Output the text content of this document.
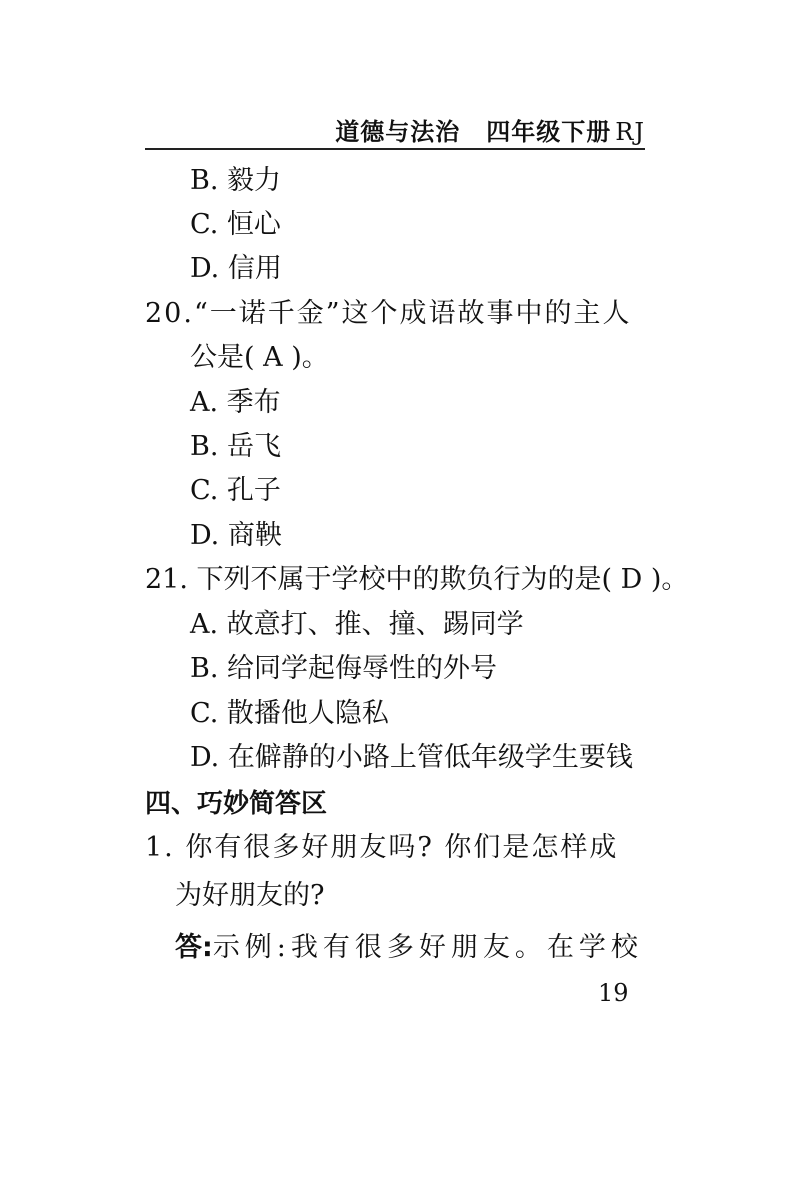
道德与法治 四年级下册 RJ
B. 毅力
C. 恒心
D. 信用
20.“一诺千金”这个成语故事中的主人
公是( A )。
A. 季布
B. 岳飞
C. 孔子
D. 商鞅
21. 下列不属于学校中的欺负行为的是( D )。
A. 故意打、推、撞、踢同学
B. 给同学起侮辱性的外号
C. 散播他人隐私
D. 在僻静的小路上管低年级学生要钱
四、巧妙简答区
1. 你有很多好朋友吗? 你们是怎样成
为好朋友的?
答:示例:我有很多好朋友。在学校
19
